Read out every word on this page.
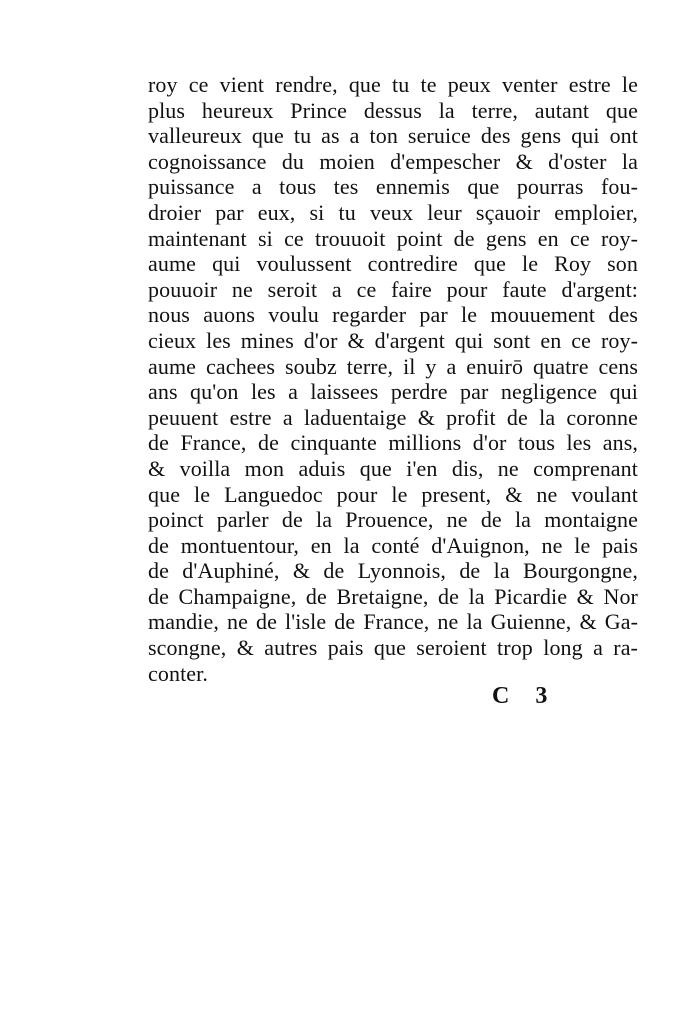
roy ce vient rendre, que tu te peux venter estre le
plus heureux Prince dessus la terre, autant que
valleureux que tu as a ton seruice des gens qui ont
cognoissance du moien d'empescher & d'oster la
puissance a tous tes ennemis que pourras fou-
droier par eux, si tu veux leur sçauoir emploier,
maintenant si ce trouuoit point de gens en ce roy-
aume qui voulussent contredire que le Roy son
pouuoir ne seroit a ce faire pour faute d'argent:
nous auons voulu regarder par le mouuement des
cieux les mines d'or & d'argent qui sont en ce roy-
aume cachees soubz terre, il y a enuirō quatre cens
ans qu'on les a laissees perdre par negligence qui
peuuent estre a laduentaige & profit de la coronne
de France, de cinquante millions d'or tous les ans,
& voilla mon aduis que i'en dis, ne comprenant
que le Languedoc pour le present, & ne voulant
poinct parler de la Prouence, ne de la montaigne
de montuentour, en la conté d'Auignon, ne le pais
de d'Auphiné, & de Lyonnois, de la Bourgongne,
de Champaigne, de Bretaigne, de la Picardie & Nor
mandie, ne de l'isle de France, ne la Guienne, & Ga-
scongne, & autres pais que seroient trop long a ra-
conter.
C 3
